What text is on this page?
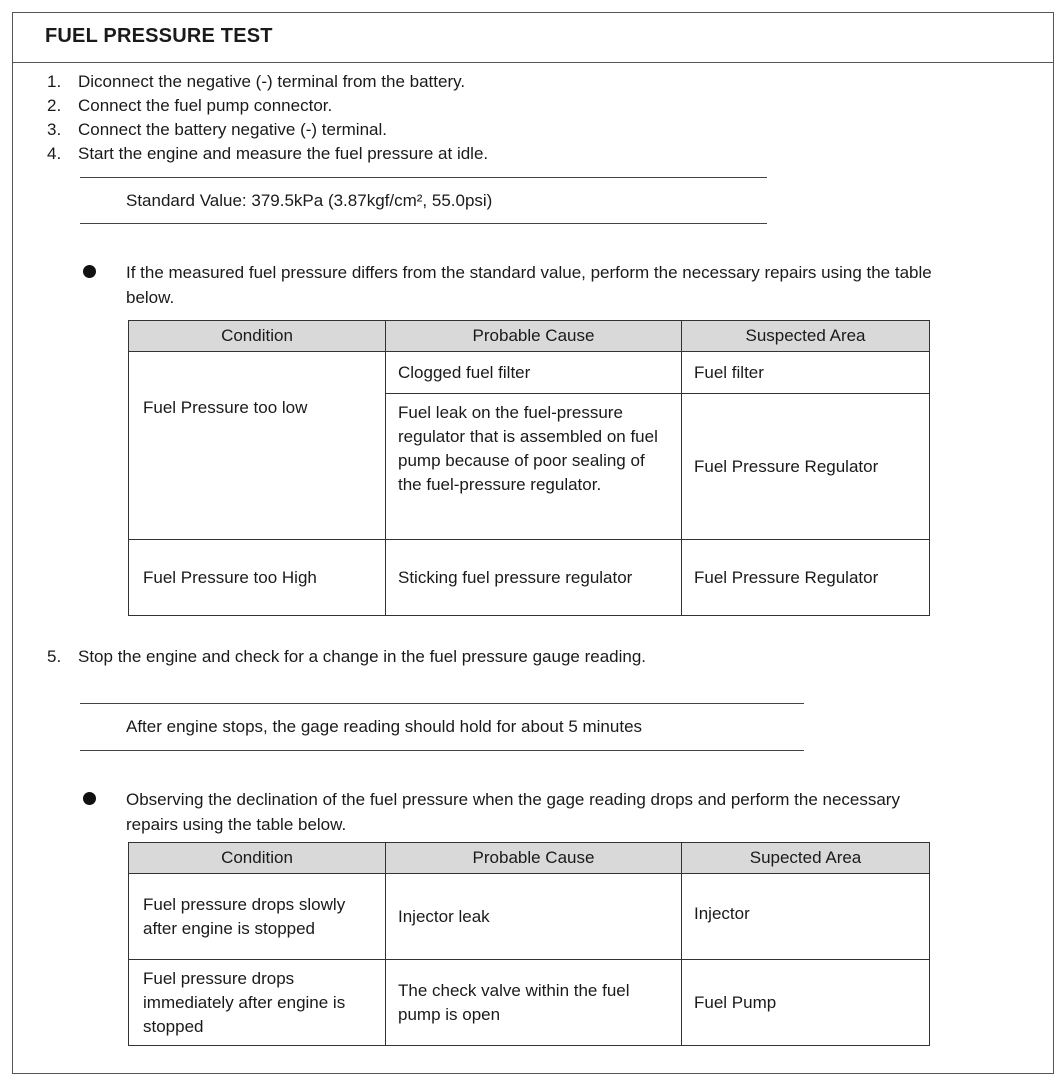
FUEL PRESSURE TEST
1. Diconnect the negative (-) terminal from the battery.
2. Connect the fuel pump connector.
3. Connect the battery negative (-) terminal.
4. Start the engine and measure the fuel pressure at idle.
Standard Value: 379.5kPa (3.87kgf/cm², 55.0psi)
If the measured fuel pressure differs from the standard value, perform the necessary repairs using the table below.
Condition	Probable Cause	Suspected Area
Fuel Pressure too low	Clogged fuel filter	Fuel filter
	Fuel leak on the fuel-pressure regulator that is assembled on fuel pump because of poor sealing of the fuel-pressure regulator.	Fuel Pressure Regulator
Fuel Pressure too High	Sticking fuel pressure regulator	Fuel Pressure Regulator
5. Stop the engine and check for a change in the fuel pressure gauge reading.
After engine stops, the gage reading should hold for about 5 minutes
Observing the declination of the fuel pressure when the gage reading drops and perform the necessary repairs using the table below.
Condition	Probable Cause	Supected Area
Fuel pressure drops slowly after engine is stopped	Injector leak	Injector
Fuel pressure drops immediately after engine is stopped	The check valve within the fuel pump is open	Fuel Pump
